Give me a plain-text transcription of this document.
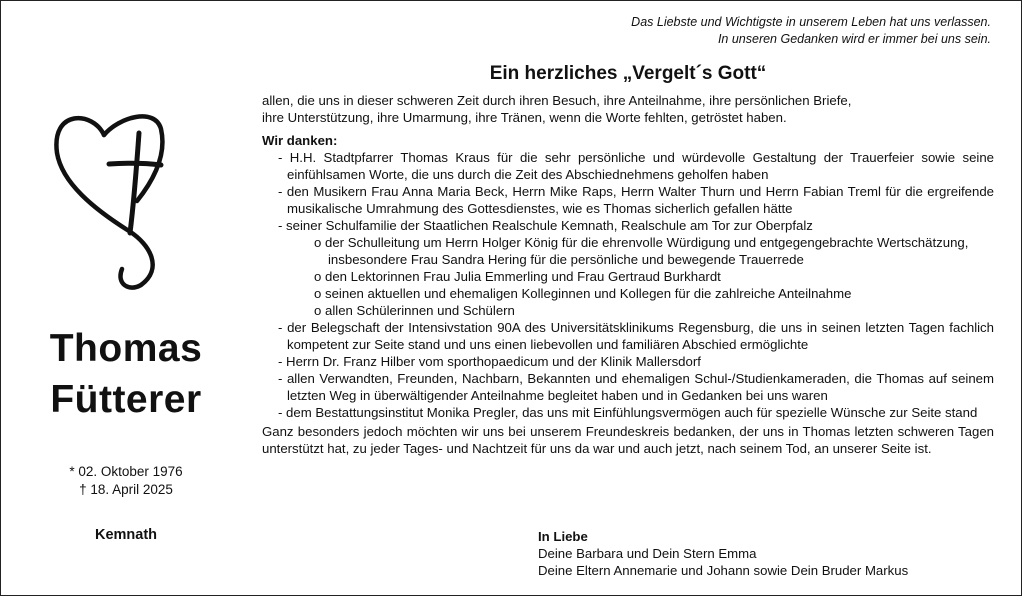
Das Liebste und Wichtigste in unserem Leben hat uns verlassen.
In unseren Gedanken wird er immer bei uns sein.
Ein herzliches „Vergelt´s Gott“
Thomas
Fütterer
* 02. Oktober 1976
† 18. April 2025
Kemnath

allen, die uns in dieser schweren Zeit durch ihren Besuch, ihre Anteilnahme, ihre persönlichen Briefe,
ihre Unterstützung, ihre Umarmung, ihre Tränen, wenn die Worte fehlten, getröstet haben.

Wir danken:

- H.H. Stadtpfarrer Thomas Kraus für die sehr persönliche und würdevolle Gestaltung der Trauerfeier sowie seine einfühlsamen Worte, die uns durch die Zeit des Abschiednehmens geholfen haben
- den Musikern Frau Anna Maria Beck, Herrn Mike Raps, Herrn Walter Thurn und Herrn Fabian Treml für die ergreifende musikalische Umrahmung des Gottesdienstes, wie es Thomas sicherlich gefallen hätte
- seiner Schulfamilie der Staatlichen Realschule Kemnath, Realschule am Tor zur Oberpfalz
o der Schulleitung um Herrn Holger König für die ehrenvolle Würdigung und entgegengebrachte Wertschätzung, insbesondere Frau Sandra Hering für die persönliche und bewegende Trauerrede
o den Lektorinnen Frau Julia Emmerling und Frau Gertraud Burkhardt
o seinen aktuellen und ehemaligen Kolleginnen und Kollegen für die zahlreiche Anteilnahme
o allen Schülerinnen und Schülern
- der Belegschaft der Intensivstation 90A des Universitätsklinikums Regensburg, die uns in seinen letzten Tagen fachlich kompetent zur Seite stand und uns einen liebevollen und familiären Abschied ermöglichte
- Herrn Dr. Franz Hilber vom sporthopaedicum und der Klinik Mallersdorf
- allen Verwandten, Freunden, Nachbarn, Bekannten und ehemaligen Schul-/Studienkameraden, die Thomas auf seinem letzten Weg in überwältigender Anteilnahme begleitet haben und in Gedanken bei uns waren
- dem Bestattungsinstitut Monika Pregler, das uns mit Einfühlungsvermögen auch für spezielle Wünsche zur Seite stand

Ganz besonders jedoch möchten wir uns bei unserem Freundeskreis bedanken, der uns in Thomas letzten schweren Tagen unterstützt hat, zu jeder Tages- und Nachtzeit für uns da war und auch jetzt, nach seinem Tod, an unserer Seite ist.

In Liebe
Deine Barbara und Dein Stern Emma
Deine Eltern Annemarie und Johann sowie Dein Bruder Markus
